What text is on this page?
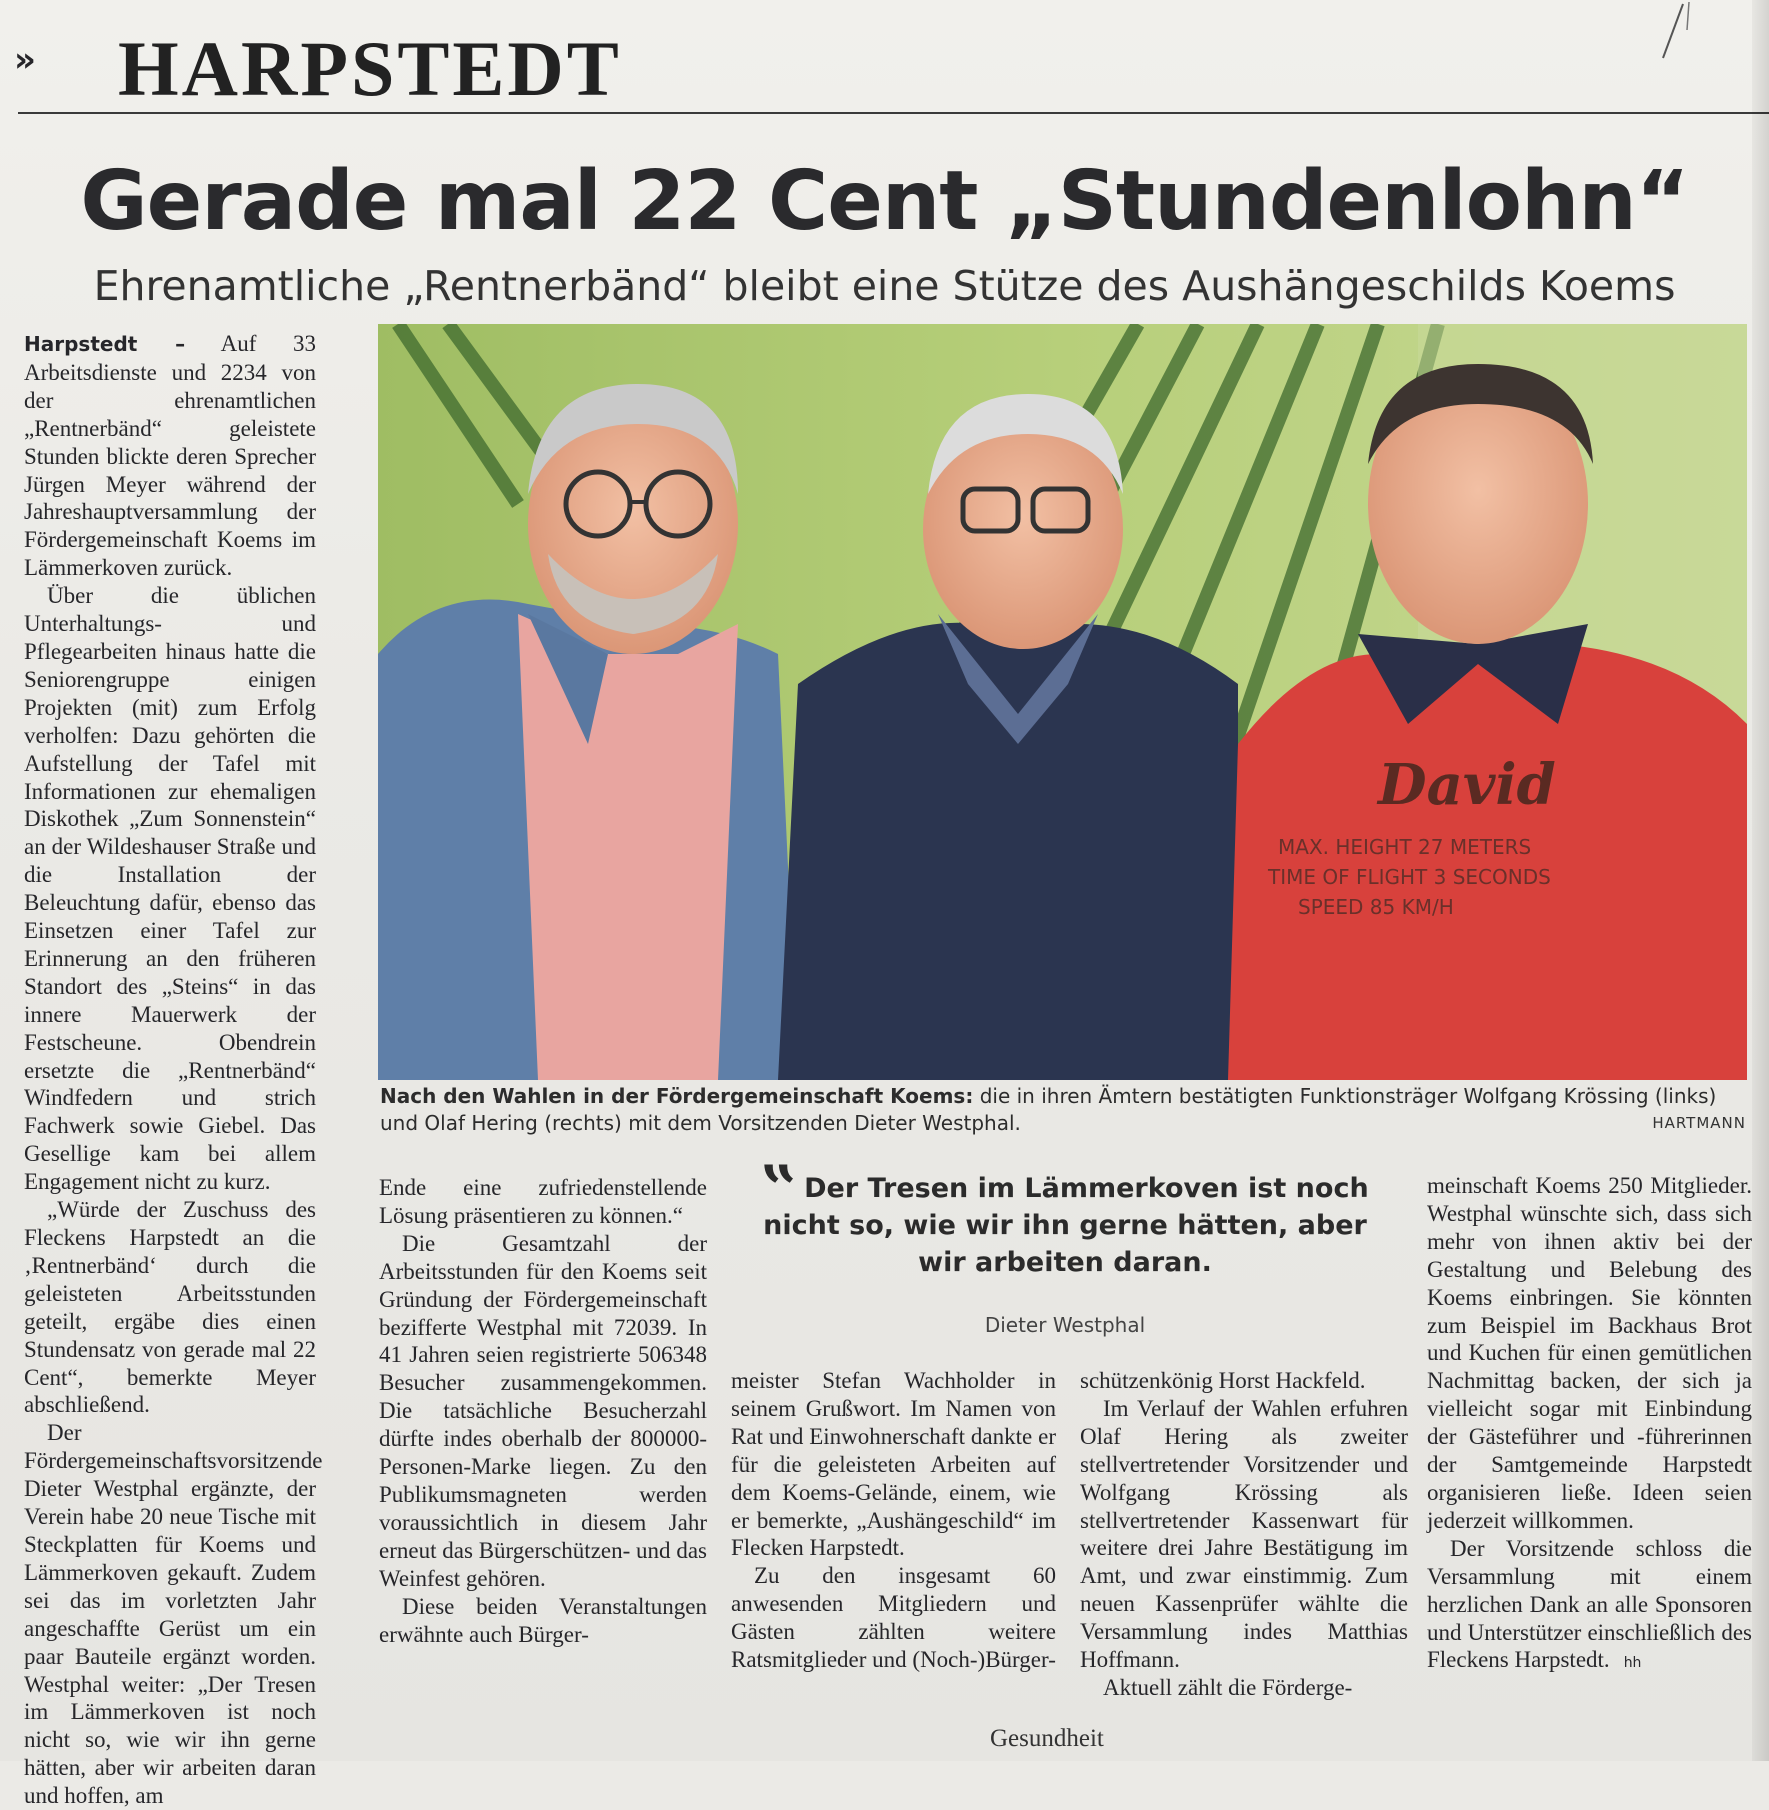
» HARPSTEDT
Gerade mal 22 Cent „Stundenlohn“
Ehrenamtliche „Rentnerbänd“ bleibt eine Stütze des Aushängeschilds Koems

Harpstedt – Auf 33 Arbeitsdienste und 2234 von der ehrenamtlichen „Rentnerbänd“ geleistete Stunden blickte deren Sprecher Jürgen Meyer während der Jahreshauptversammlung der Fördergemeinschaft Koems im Lämmerkoven zurück.

Über die üblichen Unterhaltungs- und Pflegearbeiten hinaus hatte die Seniorengruppe einigen Projekten (mit) zum Erfolg verholfen: Dazu gehörten die Aufstellung der Tafel mit Informationen zur ehemaligen Diskothek „Zum Sonnenstein“ an der Wildeshauser Straße und die Installation der Beleuchtung dafür, ebenso das Einsetzen einer Tafel zur Erinnerung an den früheren Standort des „Steins“ in das innere Mauerwerk der Festscheune. Obendrein ersetzte die „Rentnerbänd“ Windfedern und strich Fachwerk sowie Giebel. Das Gesellige kam bei allem Engagement nicht zu kurz.

„Würde der Zuschuss des Fleckens Harpstedt an die ‚Rentnerbänd‘ durch die geleisteten Arbeitsstunden geteilt, ergäbe dies einen Stundensatz von gerade mal 22 Cent“, bemerkte Meyer abschließend.

Der Fördergemeinschaftsvorsitzende Dieter Westphal ergänzte, der Verein habe 20 neue Tische mit Steckplatten für Koems und Lämmerkoven gekauft. Zudem sei das im vorletzten Jahr angeschaffte Gerüst um ein paar Bauteile ergänzt worden. Westphal weiter: „Der Tresen im Lämmerkoven ist noch nicht so, wie wir ihn gerne hätten, aber wir arbeiten daran und hoffen, am

David
MAX. HEIGHT 27 METERS
TIME OF FLIGHT 3 SECONDS
SPEED 85 KM/H
Nach den Wahlen in der Fördergemeinschaft Koems: die in ihren Ämtern bestätigten Funktionsträger Wolfgang Krössing (links) und Olaf Hering (rechts) mit dem Vorsitzenden Dieter Westphal.	HARTMANN

Ende eine zufriedenstellende Lösung präsentieren zu können.“

Die Gesamtzahl der Arbeitsstunden für den Koems seit Gründung der Fördergemeinschaft bezifferte Westphal mit 72039. In 41 Jahren seien registrierte 506348 Besucher zusammengekommen. Die tatsächliche Besucherzahl dürfte indes oberhalb der 800000-Personen-Marke liegen. Zu den Publikumsmagneten werden voraussichtlich in diesem Jahr erneut das Bürgerschützen- und das Weinfest gehören.

Diese beiden Veranstaltungen erwähnte auch Bürger-

‟ Der Tresen im Lämmerkoven ist noch nicht so, wie wir ihn gerne hätten, aber wir arbeiten daran.
Dieter Westphal

meister Stefan Wachholder in seinem Grußwort. Im Namen von Rat und Einwohnerschaft dankte er für die geleisteten Arbeiten auf dem Koems-Gelände, einem, wie er bemerkte, „Aushängeschild“ im Flecken Harpstedt.

Zu den insgesamt 60 anwesenden Mitgliedern und Gästen zählten weitere Ratsmitglieder und (Noch-)Bürger-

schützenkönig Horst Hackfeld.

Im Verlauf der Wahlen erfuhren Olaf Hering als zweiter stellvertretender Vorsitzender und Wolfgang Krössing als stellvertretender Kassenwart für weitere drei Jahre Bestätigung im Amt, und zwar einstimmig. Zum neuen Kassenprüfer wählte die Versammlung indes Matthias Hoffmann.

Aktuell zählt die Förderge-

meinschaft Koems 250 Mitglieder. Westphal wünschte sich, dass sich mehr von ihnen aktiv bei der Gestaltung und Belebung des Koems einbringen. Sie könnten zum Beispiel im Backhaus Brot und Kuchen für einen gemütlichen Nachmittag backen, der sich ja vielleicht sogar mit Einbindung der Gästeführer und -führerinnen der Samtgemeinde Harpstedt organisieren ließe. Ideen seien jederzeit willkommen.

Der Vorsitzende schloss die Versammlung mit einem herzlichen Dank an alle Sponsoren und Unterstützer einschließlich des Fleckens Harpstedt. hh

Gesundheit
